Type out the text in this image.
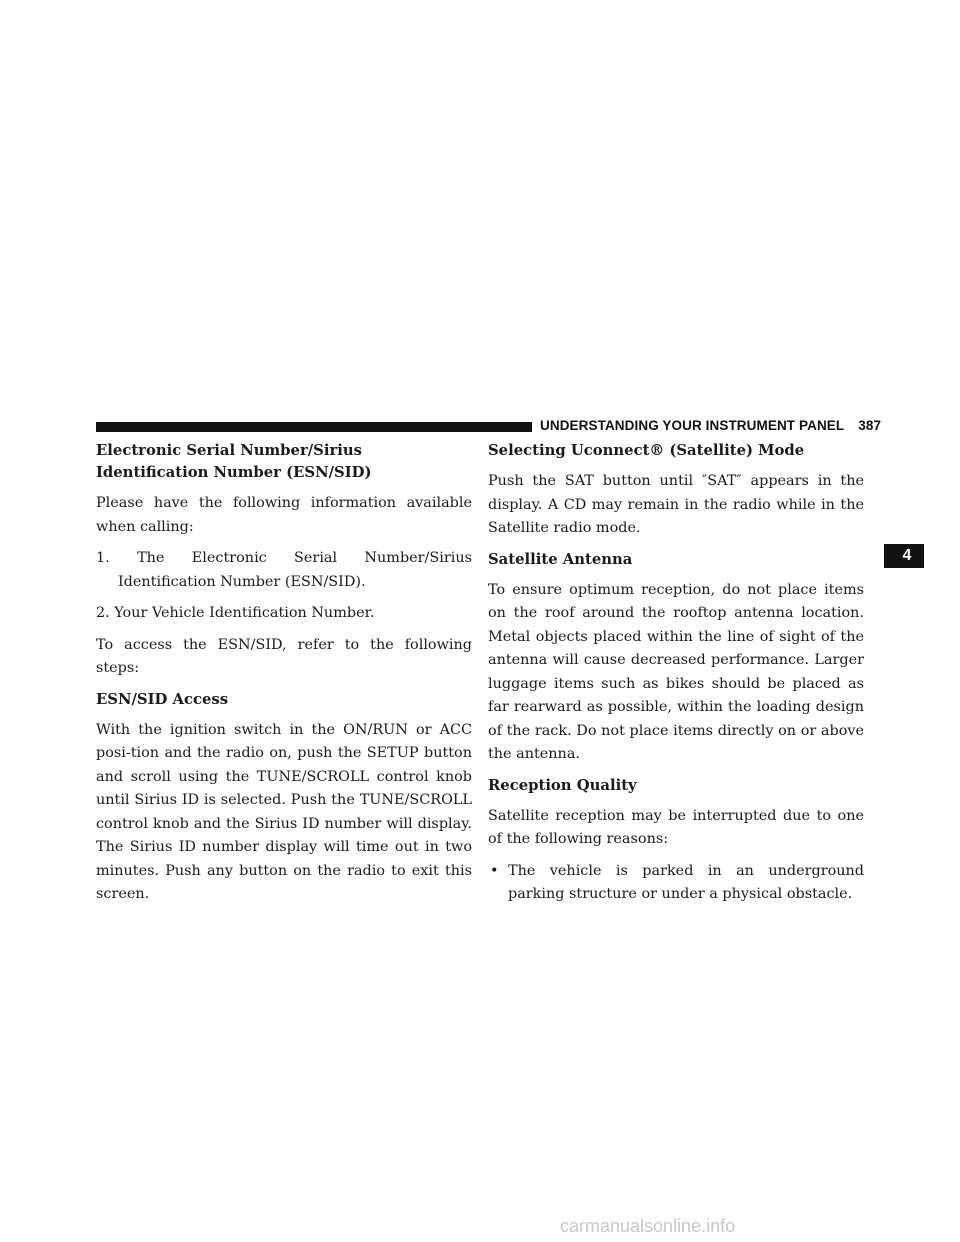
UNDERSTANDING YOUR INSTRUMENT PANEL 387
4
Electronic Serial Number/Sirius Identification Number (ESN/SID)

Please have the following information available when calling:

1. The Electronic Serial Number/Sirius Identification Number (ESN/SID).
2. Your Vehicle Identification Number.

To access the ESN/SID, refer to the following steps:

ESN/SID Access

With the ignition switch in the ON/RUN or ACC posi-tion and the radio on, push the SETUP button and scroll using the TUNE/SCROLL control knob until Sirius ID is selected. Push the TUNE/SCROLL control knob and the Sirius ID number will display. The Sirius ID number display will time out in two minutes. Push any button on the radio to exit this screen.

Selecting Uconnect® (Satellite) Mode

Push the SAT button until ″SAT″ appears in the display. A CD may remain in the radio while in the Satellite radio mode.

Satellite Antenna

To ensure optimum reception, do not place items on the roof around the rooftop antenna location. Metal objects placed within the line of sight of the antenna will cause decreased performance. Larger luggage items such as bikes should be placed as far rearward as possible, within the loading design of the rack. Do not place items directly on or above the antenna.

Reception Quality

Satellite reception may be interrupted due to one of the following reasons:

• The vehicle is parked in an underground parking structure or under a physical obstacle.
carmanualsonline.info
